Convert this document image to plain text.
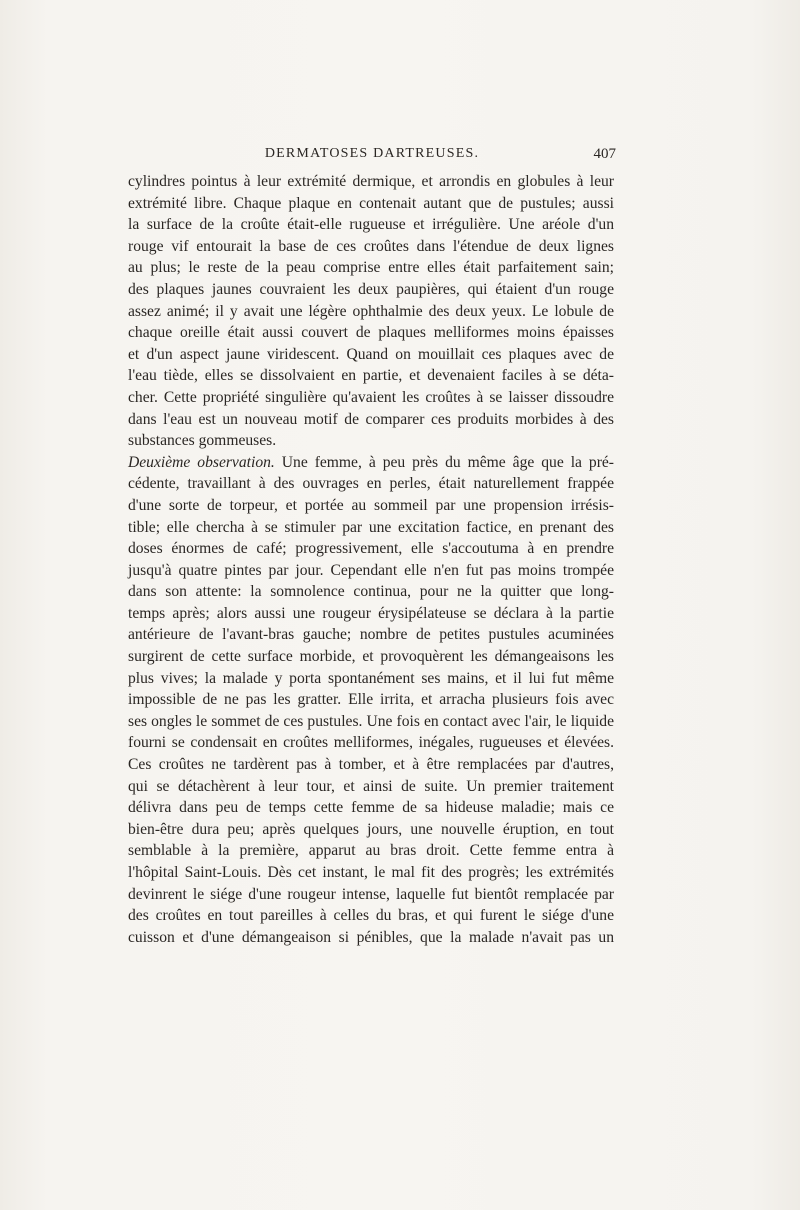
DERMATOSES DARTREUSES.	407
cylindres pointus à leur extrémité dermique, et arrondis en globules à leur
extrémité libre. Chaque plaque en contenait autant que de pustules; aussi
la surface de la croûte était-elle rugueuse et irrégulière. Une aréole d'un
rouge vif entourait la base de ces croûtes dans l'étendue de deux lignes
au plus; le reste de la peau comprise entre elles était parfaitement sain;
des plaques jaunes couvraient les deux paupières, qui étaient d'un rouge
assez animé; il y avait une légère ophthalmie des deux yeux. Le lobule de
chaque oreille était aussi couvert de plaques melliformes moins épaisses
et d'un aspect jaune viridescent. Quand on mouillait ces plaques avec de
l'eau tiède, elles se dissolvaient en partie, et devenaient faciles à se déta-
cher. Cette propriété singulière qu'avaient les croûtes à se laisser dissoudre
dans l'eau est un nouveau motif de comparer ces produits morbides à des
substances gommeuses.
Deuxième observation. Une femme, à peu près du même âge que la pré-
cédente, travaillant à des ouvrages en perles, était naturellement frappée
d'une sorte de torpeur, et portée au sommeil par une propension irrésis-
tible; elle chercha à se stimuler par une excitation factice, en prenant des
doses énormes de café; progressivement, elle s'accoutuma à en prendre
jusqu'à quatre pintes par jour. Cependant elle n'en fut pas moins trompée
dans son attente: la somnolence continua, pour ne la quitter que long-
temps après; alors aussi une rougeur érysipélateuse se déclara à la partie
antérieure de l'avant-bras gauche; nombre de petites pustules acuminées
surgirent de cette surface morbide, et provoquèrent les démangeaisons les
plus vives; la malade y porta spontanément ses mains, et il lui fut même
impossible de ne pas les gratter. Elle irrita, et arracha plusieurs fois avec
ses ongles le sommet de ces pustules. Une fois en contact avec l'air, le liquide
fourni se condensait en croûtes melliformes, inégales, rugueuses et élevées.
Ces croûtes ne tardèrent pas à tomber, et à être remplacées par d'autres,
qui se détachèrent à leur tour, et ainsi de suite. Un premier traitement
délivra dans peu de temps cette femme de sa hideuse maladie; mais ce
bien-être dura peu; après quelques jours, une nouvelle éruption, en tout
semblable à la première, apparut au bras droit. Cette femme entra à
l'hôpital Saint-Louis. Dès cet instant, le mal fit des progrès; les extrémités
devinrent le siége d'une rougeur intense, laquelle fut bientôt remplacée par
des croûtes en tout pareilles à celles du bras, et qui furent le siége d'une
cuisson et d'une démangeaison si pénibles, que la malade n'avait pas un
